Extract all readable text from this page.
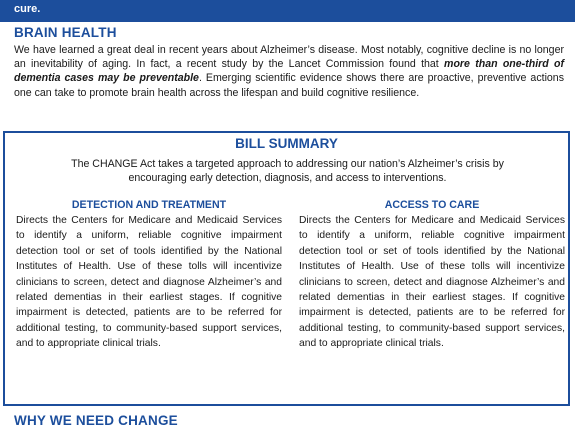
cure.
BRAIN HEALTH

We have learned a great deal in recent years about Alzheimer’s disease. Most notably, cognitive decline is no longer an inevitability of aging. In fact, a recent study by the Lancet Commission found that more than one-third of dementia cases may be preventable. Emerging scientific evidence shows there are proactive, preventive actions one can take to promote brain health across the lifespan and build cognitive resilience.

BILL SUMMARY
The CHANGE Act takes a targeted approach to addressing our nation’s Alzheimer’s crisis by encouraging early detection, diagnosis, and access to interventions.
DETECTION AND TREATMENT
Directs the Centers for Medicare and Medicaid Services to identify a uniform, reliable cognitive impairment detection tool or set of tools identified by the National Institutes of Health. Use of these tolls will incentivize clinicians to screen, detect and diagnose Alzheimer’s and related dementias in their earliest stages. If cognitive impairment is detected, patients are to be referred for additional testing, to community-based support services, and to appropriate clinical trials.
ACCESS TO CARE
Directs the Centers for Medicare and Medicaid Services to identify a uniform, reliable cognitive impairment detection tool or set of tools identified by the National Institutes of Health. Use of these tolls will incentivize clinicians to screen, detect and diagnose Alzheimer’s and related dementias in their earliest stages. If cognitive impairment is detected, patients are to be referred for additional testing, to community-based support services, and to appropriate clinical trials.
WHY WE NEED CHANGE
